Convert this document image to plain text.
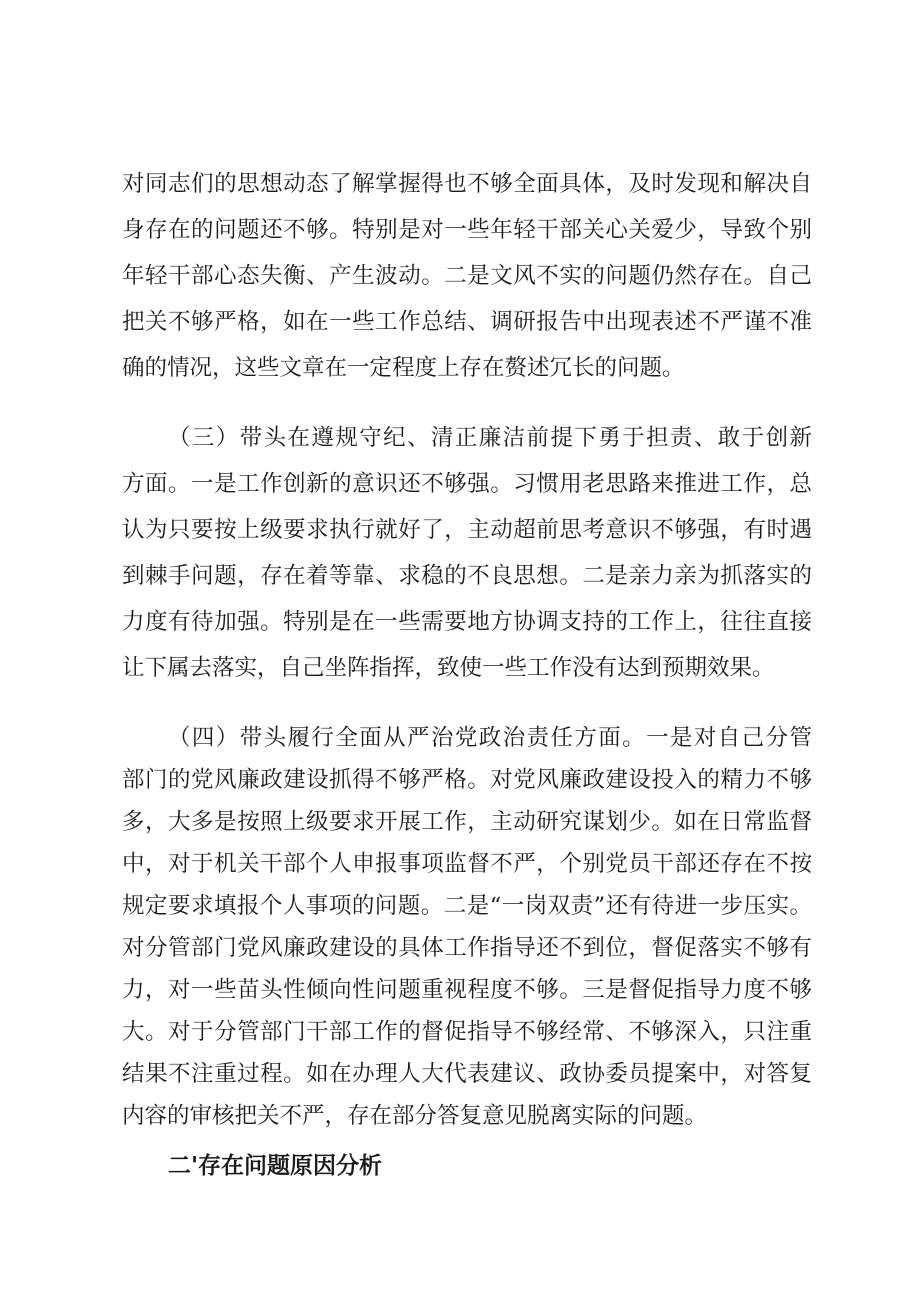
对同志们的思想动态了解掌握得也不够全面具体，及时发现和解决自
身存在的问题还不够。特别是对一些年轻干部关心关爱少，导致个别
年轻干部心态失衡、产生波动。二是文风不实的问题仍然存在。自己
把关不够严格，如在一些工作总结、调研报告中出现表述不严谨不准
确的情况，这些文章在一定程度上存在赘述冗长的问题。
（三）带头在遵规守纪、清正廉洁前提下勇于担责、敢于创新
方面。一是工作创新的意识还不够强。习惯用老思路来推进工作，总
认为只要按上级要求执行就好了，主动超前思考意识不够强，有时遇
到棘手问题，存在着等靠、求稳的不良思想。二是亲力亲为抓落实的
力度有待加强。特别是在一些需要地方协调支持的工作上，往往直接
让下属去落实，自己坐阵指挥，致使一些工作没有达到预期效果。
（四）带头履行全面从严治党政治责任方面。一是对自己分管
部门的党风廉政建设抓得不够严格。对党风廉政建设投入的精力不够
多，大多是按照上级要求开展工作，主动研究谋划少。如在日常监督
中，对于机关干部个人申报事项监督不严，个别党员干部还存在不按
规定要求填报个人事项的问题。二是“一岗双责”还有待进一步压实。
对分管部门党风廉政建设的具体工作指导还不到位，督促落实不够有
力，对一些苗头性倾向性问题重视程度不够。三是督促指导力度不够
大。对于分管部门干部工作的督促指导不够经常、不够深入，只注重
结果不注重过程。如在办理人大代表建议、政协委员提案中，对答复
内容的审核把关不严，存在部分答复意见脱离实际的问题。
二'存在问题原因分析
